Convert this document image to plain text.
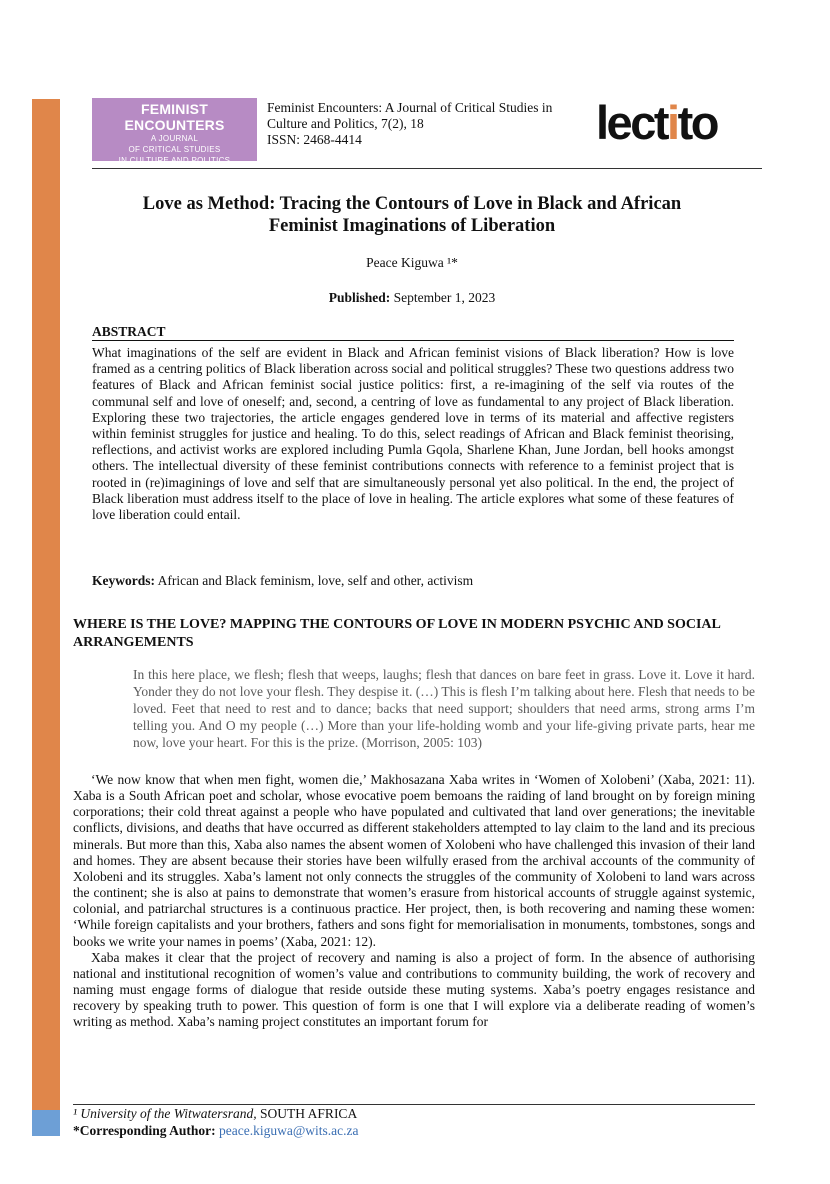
FEMINIST ENCOUNTERS
A JOURNAL
OF CRITICAL STUDIES
IN CULTURE AND POLITICS
Feminist Encounters: A Journal of Critical Studies in
Culture and Politics, 7(2), 18
ISSN: 2468-4414	lectito
Love as Method: Tracing the Contours of Love in Black and African
Feminist Imaginations of Liberation
Peace Kiguwa ¹*
Published: September 1, 2023
ABSTRACT
What imaginations of the self are evident in Black and African feminist visions of Black liberation? How is love framed as a centring politics of Black liberation across social and political struggles? These two questions address two features of Black and African feminist social justice politics: first, a re-imagining of the self via routes of the communal self and love of oneself; and, second, a centring of love as fundamental to any project of Black liberation. Exploring these two trajectories, the article engages gendered love in terms of its material and affective registers within feminist struggles for justice and healing. To do this, select readings of African and Black feminist theorising, reflections, and activist works are explored including Pumla Gqola, Sharlene Khan, June Jordan, bell hooks amongst others. The intellectual diversity of these feminist contributions connects with reference to a feminist project that is rooted in (re)imaginings of love and self that are simultaneously personal yet also political. In the end, the project of Black liberation must address itself to the place of love in healing. The article explores what some of these features of love liberation could entail.
Keywords: African and Black feminism, love, self and other, activism
WHERE IS THE LOVE? MAPPING THE CONTOURS OF LOVE IN MODERN PSYCHIC AND SOCIAL ARRANGEMENTS
In this here place, we flesh; flesh that weeps, laughs; flesh that dances on bare feet in grass. Love it. Love it hard. Yonder they do not love your flesh. They despise it. (…) This is flesh I’m talking about here. Flesh that needs to be loved. Feet that need to rest and to dance; backs that need support; shoulders that need arms, strong arms I’m telling you. And O my people (…) More than your life-holding womb and your life-giving private parts, hear me now, love your heart. For this is the prize. (Morrison, 2005: 103)

‘We now know that when men fight, women die,’ Makhosazana Xaba writes in ‘Women of Xolobeni’ (Xaba, 2021: 11). Xaba is a South African poet and scholar, whose evocative poem bemoans the raiding of land brought on by foreign mining corporations; their cold threat against a people who have populated and cultivated that land over generations; the inevitable conflicts, divisions, and deaths that have occurred as different stakeholders attempted to lay claim to the land and its precious minerals. But more than this, Xaba also names the absent women of Xolobeni who have challenged this invasion of their land and homes. They are absent because their stories have been wilfully erased from the archival accounts of the community of Xolobeni and its struggles. Xaba’s lament not only connects the struggles of the community of Xolobeni to land wars across the continent; she is also at pains to demonstrate that women’s erasure from historical accounts of struggle against systemic, colonial, and patriarchal structures is a continuous practice. Her project, then, is both recovering and naming these women: ‘While foreign capitalists and your brothers, fathers and sons fight for memorialisation in monuments, tombstones, songs and books we write your names in poems’ (Xaba, 2021: 12).

Xaba makes it clear that the project of recovery and naming is also a project of form. In the absence of authorising national and institutional recognition of women’s value and contributions to community building, the work of recovery and naming must engage forms of dialogue that reside outside these muting systems. Xaba’s poetry engages resistance and recovery by speaking truth to power. This question of form is one that I will explore via a deliberate reading of women’s writing as method. Xaba’s naming project constitutes an important forum for

¹ University of the Witwatersrand, SOUTH AFRICA
*Corresponding Author: peace.kiguwa@wits.ac.za
